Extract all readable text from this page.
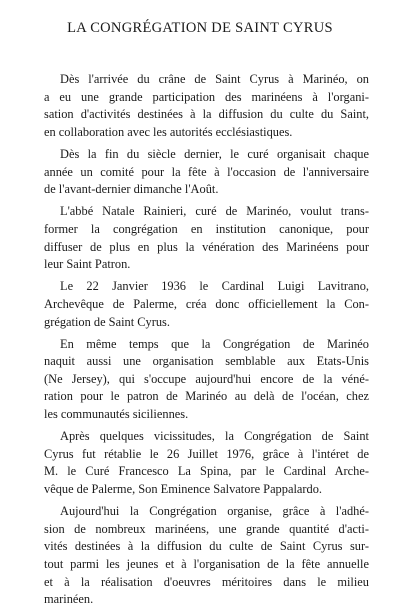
LA CONGRÉGATION DE SAINT CYRUS

Dès l'arrivée du crâne de Saint Cyrus à Marinéo, on
a eu une grande participation des marinéens à l'organi-
sation d'activités destinées à la diffusion du culte du Saint,
en collaboration avec les autorités ecclésiastiques.

Dès la fin du siècle dernier, le curé organisait chaque
année un comité pour la fête à l'occasion de l'anniversaire
de l'avant-dernier dimanche l'Août.

L'abbé Natale Rainieri, curé de Marinéo, voulut trans-
former la congrégation en institution canonique, pour
diffuser de plus en plus la vénération des Marinéens pour
leur Saint Patron.

Le 22 Janvier 1936 le Cardinal Luigi Lavitrano,
Archevêque de Palerme, créa donc officiellement la Con-
grégation de Saint Cyrus.

En même temps que la Congrégation de Marinéo
naquit aussi une organisation semblable aux Etats-Unis
(Ne Jersey), qui s'occupe aujourd'hui encore de la véné-
ration pour le patron de Marinéo au delà de l'océan, chez
les communautés siciliennes.

Après quelques vicissitudes, la Congrégation de Saint
Cyrus fut rétablie le 26 Juillet 1976, grâce à l'intéret de
M. le Curé Francesco La Spina, par le Cardinal Arche-
vêque de Palerme, Son Eminence Salvatore Pappalardo.

Aujourd'hui la Congrégation organise, grâce à l'adhé-
sion de nombreux marinéens, une grande quantité d'acti-
vités destinées à la diffusion du culte de Saint Cyrus sur-
tout parmi les jeunes et à l'organisation de la fête annuelle
et à la réalisation d'oeuvres méritoires dans le milieu
marinéen.
